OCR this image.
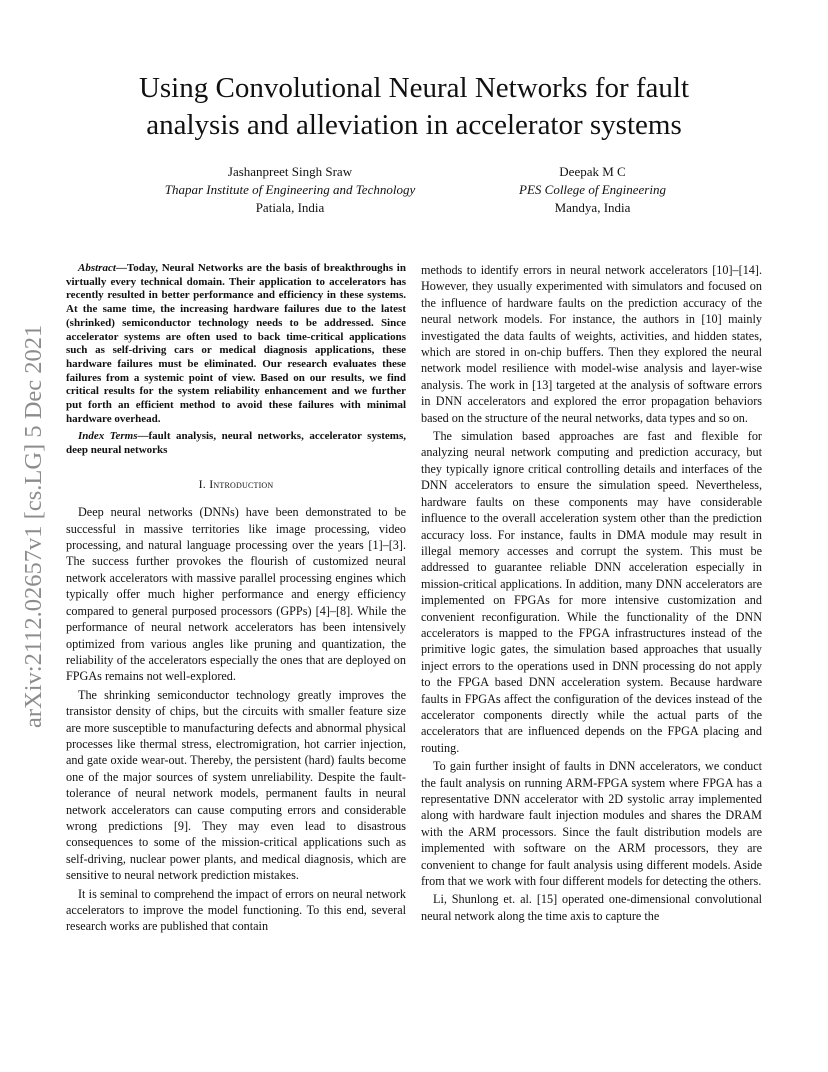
Using Convolutional Neural Networks for fault
analysis and alleviation in accelerator systems
Jashanpreet Singh Sraw
Thapar Institute of Engineering and Technology
Patiala, India
Deepak M C
PES College of Engineering
Mandya, India
arXiv:2112.02657v1 [cs.LG] 5 Dec 2021

Abstract—Today, Neural Networks are the basis of breakthroughs in virtually every technical domain. Their application to accelerators has recently resulted in better performance and efficiency in these systems. At the same time, the increasing hardware failures due to the latest (shrinked) semiconductor technology needs to be addressed. Since accelerator systems are often used to back time-critical applications such as self-driving cars or medical diagnosis applications, these hardware failures must be eliminated. Our research evaluates these failures from a systemic point of view. Based on our results, we find critical results for the system reliability enhancement and we further put forth an efficient method to avoid these failures with minimal hardware overhead.

Index Terms—fault analysis, neural networks, accelerator systems, deep neural networks

I. Introduction

Deep neural networks (DNNs) have been demonstrated to be successful in massive territories like image processing, video processing, and natural language processing over the years [1]–[3]. The success further provokes the flourish of customized neural network accelerators with massive parallel processing engines which typically offer much higher performance and energy efficiency compared to general purposed processors (GPPs) [4]–[8]. While the performance of neural network accelerators has been intensively optimized from various angles like pruning and quantization, the reliability of the accelerators especially the ones that are deployed on FPGAs remains not well-explored.

The shrinking semiconductor technology greatly improves the transistor density of chips, but the circuits with smaller feature size are more susceptible to manufacturing defects and abnormal physical processes like thermal stress, electromigration, hot carrier injection, and gate oxide wear-out. Thereby, the persistent (hard) faults become one of the major sources of system unreliability. Despite the fault-tolerance of neural network models, permanent faults in neural network accelerators can cause computing errors and considerable wrong predictions [9]. They may even lead to disastrous consequences to some of the mission-critical applications such as self-driving, nuclear power plants, and medical diagnosis, which are sensitive to neural network prediction mistakes.

It is seminal to comprehend the impact of errors on neural network accelerators to improve the model functioning. To this end, several research works are published that contain

methods to identify errors in neural network accelerators [10]–[14]. However, they usually experimented with simulators and focused on the influence of hardware faults on the prediction accuracy of the neural network models. For instance, the authors in [10] mainly investigated the data faults of weights, activities, and hidden states, which are stored in on-chip buffers. Then they explored the neural network model resilience with model-wise analysis and layer-wise analysis. The work in [13] targeted at the analysis of software errors in DNN accelerators and explored the error propagation behaviors based on the structure of the neural networks, data types and so on.

The simulation based approaches are fast and flexible for analyzing neural network computing and prediction accuracy, but they typically ignore critical controlling details and interfaces of the DNN accelerators to ensure the simulation speed. Nevertheless, hardware faults on these components may have considerable influence to the overall acceleration system other than the prediction accuracy loss. For instance, faults in DMA module may result in illegal memory accesses and corrupt the system. This must be addressed to guarantee reliable DNN acceleration especially in mission-critical applications. In addition, many DNN accelerators are implemented on FPGAs for more intensive customization and convenient reconfiguration. While the functionality of the DNN accelerators is mapped to the FPGA infrastructures instead of the primitive logic gates, the simulation based approaches that usually inject errors to the operations used in DNN processing do not apply to the FPGA based DNN acceleration system. Because hardware faults in FPGAs affect the configuration of the devices instead of the accelerator components directly while the actual parts of the accelerators that are influenced depends on the FPGA placing and routing.

To gain further insight of faults in DNN accelerators, we conduct the fault analysis on running ARM-FPGA system where FPGA has a representative DNN accelerator with 2D systolic array implemented along with hardware fault injection modules and shares the DRAM with the ARM processors. Since the fault distribution models are implemented with software on the ARM processors, they are convenient to change for fault analysis using different models. Aside from that we work with four different models for detecting the others.

Li, Shunlong et. al. [15] operated one-dimensional convolutional neural network along the time axis to capture the
